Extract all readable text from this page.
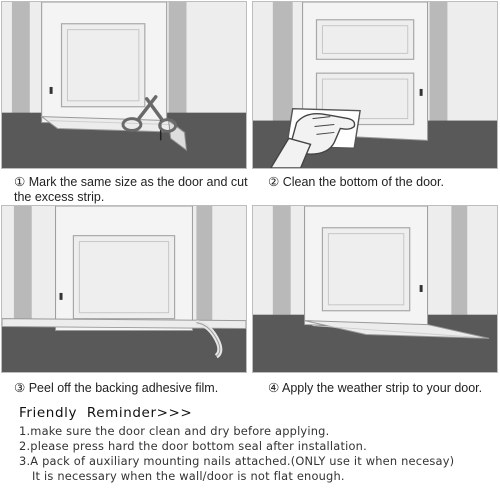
① Mark the same size as the door and cut the excess strip.
② Clean the bottom of the door.
③ Peel off the backing adhesive film.	④ Apply the weather strip to your door.
Friendly  Reminder>>>
1.make sure the door clean and dry before applying.
2.please press hard the door bottom seal after installation.
3.A pack of auxiliary mounting nails attached.(ONLY use it when necesay)
It is necessary when the wall/door is not flat enough.
